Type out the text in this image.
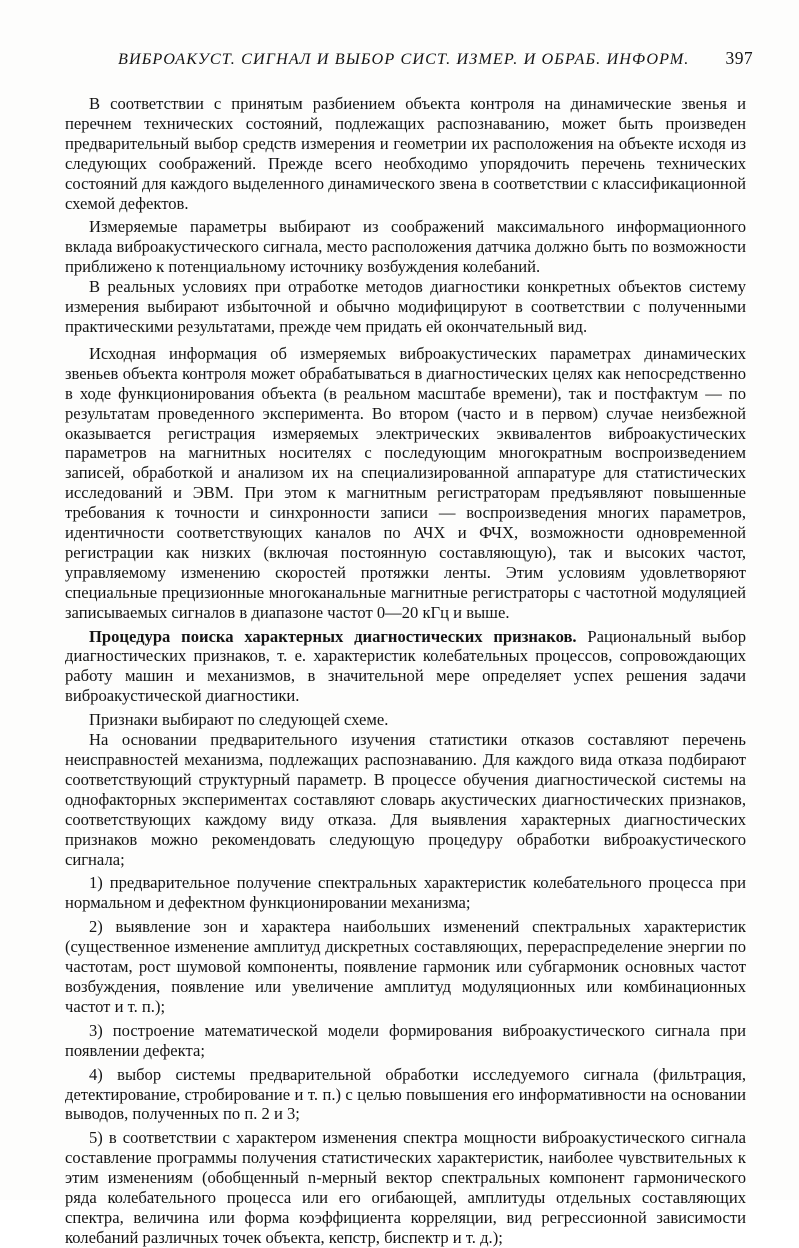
ВИБРОАКУСТ. СИГНАЛ И ВЫБОР СИСТ. ИЗМЕР. И ОБРАБ. ИНФОРМ. 397

В соответствии с принятым разбиением объекта контроля на динамические звенья и перечнем технических состояний, подлежащих распознаванию, может быть произведен предварительный выбор средств измерения и геометрии их расположения на объекте исходя из следующих соображений. Прежде всего необходимо упорядочить перечень технических состояний для каждого выделенного динамического звена в соответствии с классификационной схемой дефектов.

Измеряемые параметры выбирают из соображений максимального информационного вклада виброакустического сигнала, место расположения датчика должно быть по возможности приближено к потенциальному источнику возбуждения колебаний.

В реальных условиях при отработке методов диагностики конкретных объектов систему измерения выбирают избыточной и обычно модифицируют в соответствии с полученными практическими результатами, прежде чем придать ей окончательный вид.

Исходная информация об измеряемых виброакустических параметрах динамических звеньев объекта контроля может обрабатываться в диагностических целях как непосредственно в ходе функционирования объекта (в реальном масштабе времени), так и постфактум — по результатам проведенного эксперимента. Во втором (часто и в первом) случае неизбежной оказывается регистрация измеряемых электрических эквивалентов виброакустических параметров на магнитных носителях с последующим многократным воспроизведением записей, обработкой и анализом их на специализированной аппаратуре для статистических исследований и ЭВМ. При этом к магнитным регистраторам предъявляют повышенные требования к точности и синхронности записи — воспроизведения многих параметров, идентичности соответствующих каналов по АЧХ и ФЧХ, возможности одновременной регистрации как низких (включая постоянную составляющую), так и высоких частот, управляемому изменению скоростей протяжки ленты. Этим условиям удовлетворяют специальные прецизионные многоканальные магнитные регистраторы с частотной модуляцией записываемых сигналов в диапазоне частот 0—20 кГц и выше.

Процедура поиска характерных диагностических признаков. Рациональный выбор диагностических признаков, т. е. характеристик колебательных процессов, сопровождающих работу машин и механизмов, в значительной мере определяет успех решения задачи виброакустической диагностики.

Признаки выбирают по следующей схеме.

На основании предварительного изучения статистики отказов составляют перечень неисправностей механизма, подлежащих распознаванию. Для каждого вида отказа подбирают соответствующий структурный параметр. В процессе обучения диагностической системы на однофакторных экспериментах составляют словарь акустических диагностических признаков, соответствующих каждому виду отказа. Для выявления характерных диагностических признаков можно рекомендовать следующую процедуру обработки виброакустического сигнала;

1) предварительное получение спектральных характеристик колебательного процесса при нормальном и дефектном функционировании механизма;

2) выявление зон и характера наибольших изменений спектральных характеристик (существенное изменение амплитуд дискретных составляющих, перераспределение энергии по частотам, рост шумовой компоненты, появление гармоник или субгармоник основных частот возбуждения, появление или увеличение амплитуд модуляционных или комбинационных частот и т. п.);

3) построение математической модели формирования виброакустического сигнала при появлении дефекта;

4) выбор системы предварительной обработки исследуемого сигнала (фильтрация, детектирование, стробирование и т. п.) с целью повышения его информативности на основании выводов, полученных по п. 2 и 3;

5) в соответствии с характером изменения спектра мощности виброакустического сигнала составление программы получения статистических характеристик, наиболее чувствительных к этим изменениям (обобщенный n-мерный вектор спектральных компонент гармонического ряда колебательного процесса или его огибающей, амплитуды отдельных составляющих спектра, величина или форма коэффициента корреляции, вид регрессионной зависимости колебаний различных точек объекта, кепстр, биспектр и т. д.);
